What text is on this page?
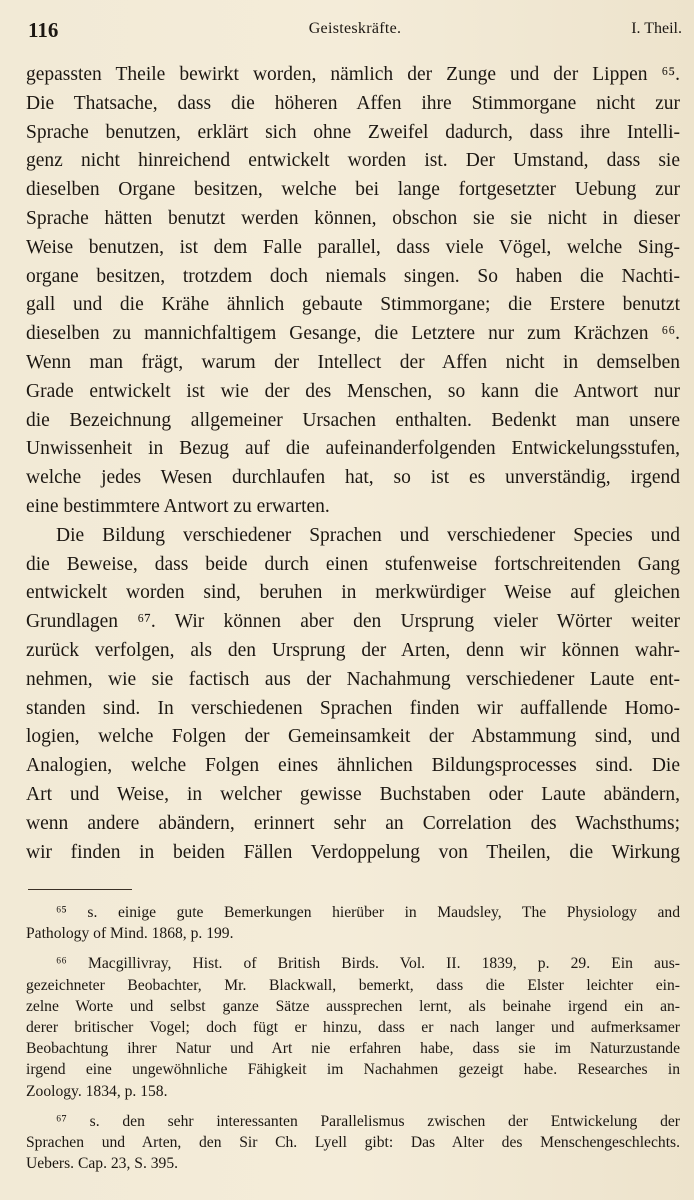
116	Geisteskräfte.	I. Theil.
gepassten Theile bewirkt worden, nämlich der Zunge und der Lippen ⁶⁵.
Die Thatsache, dass die höheren Affen ihre Stimmorgane nicht zur
Sprache benutzen, erklärt sich ohne Zweifel dadurch, dass ihre Intelli-
genz nicht hinreichend entwickelt worden ist. Der Umstand, dass sie
dieselben Organe besitzen, welche bei lange fortgesetzter Uebung zur
Sprache hätten benutzt werden können, obschon sie sie nicht in dieser
Weise benutzen, ist dem Falle parallel, dass viele Vögel, welche Sing-
organe besitzen, trotzdem doch niemals singen. So haben die Nachti-
gall und die Krähe ähnlich gebaute Stimmorgane; die Erstere benutzt
dieselben zu mannichfaltigem Gesange, die Letztere nur zum Krächzen ⁶⁶.
Wenn man frägt, warum der Intellect der Affen nicht in demselben
Grade entwickelt ist wie der des Menschen, so kann die Antwort nur
die Bezeichnung allgemeiner Ursachen enthalten. Bedenkt man unsere
Unwissenheit in Bezug auf die aufeinanderfolgenden Entwickelungsstufen,
welche jedes Wesen durchlaufen hat, so ist es unverständig, irgend
eine bestimmtere Antwort zu erwarten.
Die Bildung verschiedener Sprachen und verschiedener Species und
die Beweise, dass beide durch einen stufenweise fortschreitenden Gang
entwickelt worden sind, beruhen in merkwürdiger Weise auf gleichen
Grundlagen ⁶⁷. Wir können aber den Ursprung vieler Wörter weiter
zurück verfolgen, als den Ursprung der Arten, denn wir können wahr-
nehmen, wie sie factisch aus der Nachahmung verschiedener Laute ent-
standen sind. In verschiedenen Sprachen finden wir auffallende Homo-
logien, welche Folgen der Gemeinsamkeit der Abstammung sind, und
Analogien, welche Folgen eines ähnlichen Bildungsprocesses sind. Die
Art und Weise, in welcher gewisse Buchstaben oder Laute abändern,
wenn andere abändern, erinnert sehr an Correlation des Wachsthums;
wir finden in beiden Fällen Verdoppelung von Theilen, die Wirkung
⁶⁵ s. einige gute Bemerkungen hierüber in Maudsley, The Physiology and
Pathology of Mind. 1868, p. 199.
⁶⁶ Macgillivray, Hist. of British Birds. Vol. II. 1839, p. 29. Ein aus-
gezeichneter Beobachter, Mr. Blackwall, bemerkt, dass die Elster leichter ein-
zelne Worte und selbst ganze Sätze aussprechen lernt, als beinahe irgend ein an-
derer britischer Vogel; doch fügt er hinzu, dass er nach langer und aufmerksamer
Beobachtung ihrer Natur und Art nie erfahren habe, dass sie im Naturzustande
irgend eine ungewöhnliche Fähigkeit im Nachahmen gezeigt habe. Researches in
Zoology. 1834, p. 158.
⁶⁷ s. den sehr interessanten Parallelismus zwischen der Entwickelung der
Sprachen und Arten, den Sir Ch. Lyell gibt: Das Alter des Menschengeschlechts.
Uebers. Cap. 23, S. 395.
